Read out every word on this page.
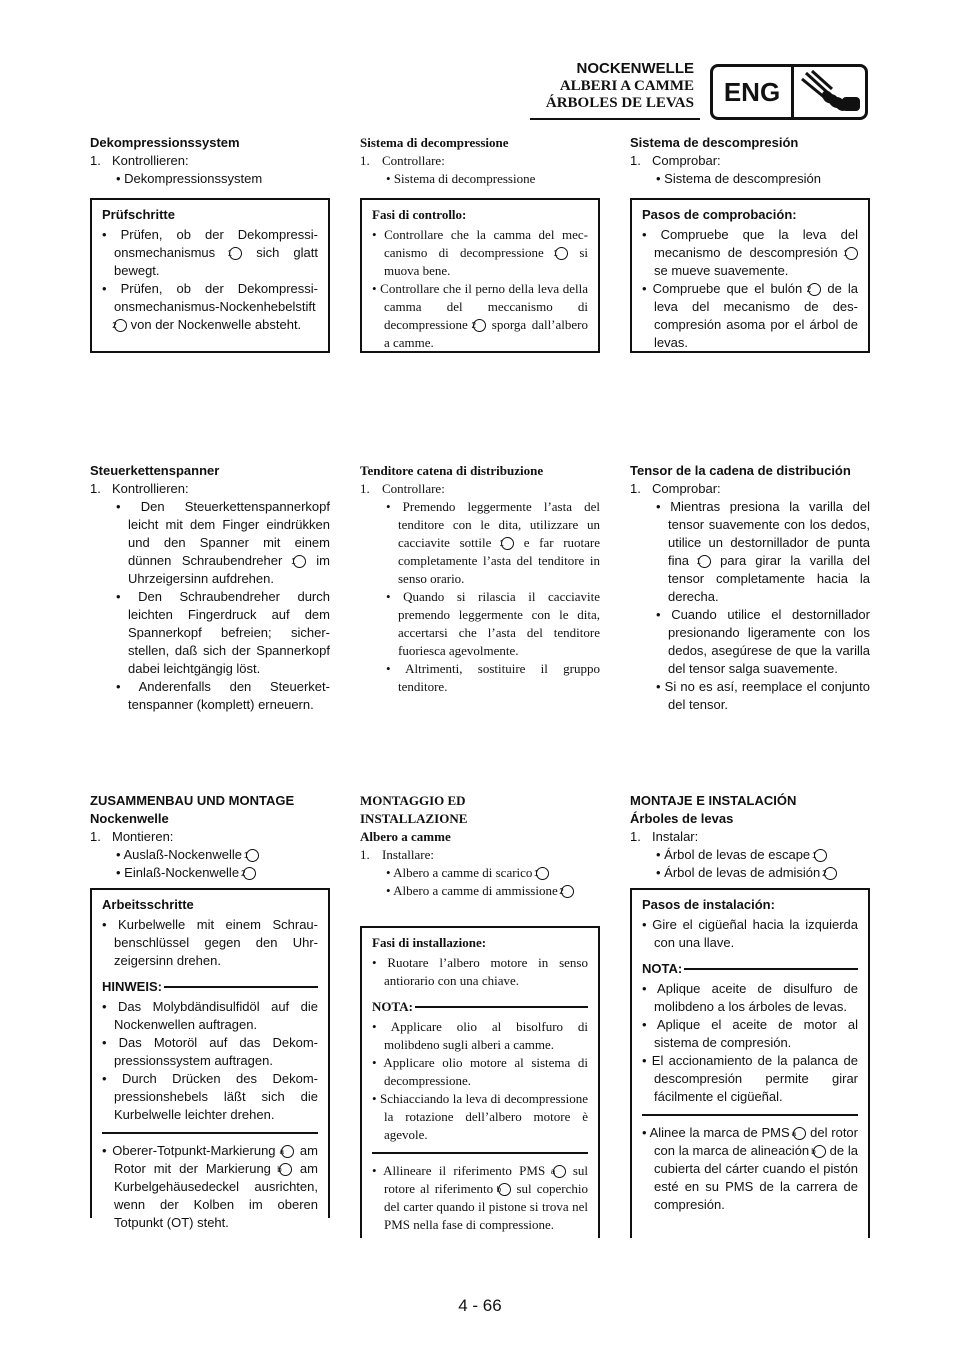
NOCKENWELLE
ALBERI A CAMME
ÁRBOLES DE LEVAS	ENG

Dekompressionssystem

1. Kontrollieren:

• Dekompressionssystem

Prüfschritte

• Prüfen, ob der Dekompressionsmechanismus 1 sich glatt bewegt.

• Prüfen, ob der Dekompressionsmechanismus-Nockenhebelstift 2 von der Nockenwelle absteht.

Sistema di decompressione

1. Controllare:

• Sistema di decompressione

Fasi di controllo:

• Controllare che la camma del meccanismo di decompressione 1 si muova bene.

• Controllare che il perno della leva della camma del meccanismo di decompressione 2 sporga dall’albero a camme.

Sistema de descompresión

1. Comprobar:

• Sistema de descompresión

Pasos de comprobación:

• Compruebe que la leva del mecanismo de descompresión 1 se mueve suavemente.

• Compruebe que el bulón 2 de la leva del mecanismo de descompresión asoma por el árbol de levas.

Steuerkettenspanner

1. Kontrollieren:

• Den Steuerkettenspannerkopf leicht mit dem Finger eindrükken und den Spanner mit einem dünnen Schraubendreher 1 im Uhrzeigersinn aufdrehen.

• Den Schraubendreher durch leichten Fingerdruck auf dem Spannerkopf befreien; sicherstellen, daß sich der Spannerkopf dabei leichtgängig löst.

• Anderenfalls den Steuerkettenspanner (komplett) erneuern.

Tenditore catena di distribuzione

1. Controllare:

• Premendo leggermente l’asta del tenditore con le dita, utilizzare un cacciavite sottile 1 e far ruotare completamente l’asta del tenditore in senso orario.

• Quando si rilascia il cacciavite premendo leggermente con le dita, accertarsi che l’asta del tenditore fuoriesca agevolmente.

• Altrimenti, sostituire il gruppo tenditore.

Tensor de la cadena de distribución

1. Comprobar:

• Mientras presiona la varilla del tensor suavemente con los dedos, utilice un destornillador de punta fina 1 para girar la varilla del tensor completamente hacia la derecha.

• Cuando utilice el destornillador presionando ligeramente con los dedos, asegúrese de que la varilla del tensor salga suavemente.

• Si no es así, reemplace el conjunto del tensor.

ZUSAMMENBAU UND MONTAGE

Nockenwelle

1. Montieren:

• Auslaß-Nockenwelle 1

• Einlaß-Nockenwelle 2

Arbeitsschritte

• Kurbelwelle mit einem Schraubenschlüssel gegen den Uhrzeigersinn drehen.

HINWEIS:

• Das Molybdändisulfidöl auf die Nockenwellen auftragen.

• Das Motoröl auf das Dekompressionssystem auftragen.

• Durch Drücken des Dekompressionshebels läßt sich die Kurbelwelle leichter drehen.

• Oberer-Totpunkt-Markierung a am Rotor mit der Markierung b am Kurbelgehäusedeckel ausrichten, wenn der Kolben im oberen Totpunkt (OT) steht.

MONTAGGIO ED INSTALLAZIONE

Albero a camme

1. Installare:

• Albero a camme di scarico 1

• Albero a camme di ammissione 2

Fasi di installazione:

• Ruotare l’albero motore in senso antiorario con una chiave.

NOTA:

• Applicare olio al bisolfuro di molibdeno sugli alberi a camme.

• Applicare olio motore al sistema di decompressione.

• Schiacciando la leva di decompressione la rotazione dell’albero motore è agevole.

• Allineare il riferimento PMS a sul rotore al riferimento b sul coperchio del carter quando il pistone si trova nel PMS nella fase di compressione.

MONTAJE E INSTALACIÓN

Árboles de levas

1. Instalar:

• Árbol de levas de escape 1

• Árbol de levas de admisión 2

Pasos de instalación:

• Gire el cigüeñal hacia la izquierda con una llave.

NOTA:

• Aplique aceite de disulfuro de molibdeno a los árboles de levas.

• Aplique el aceite de motor al sistema de compresión.

• El accionamiento de la palanca de descompresión permite girar fácilmente el cigüeñal.

• Alinee la marca de PMS a del rotor con la marca de alineación b de la cubierta del cárter cuando el pistón esté en su PMS de la carrera de compresión.

4 - 66
